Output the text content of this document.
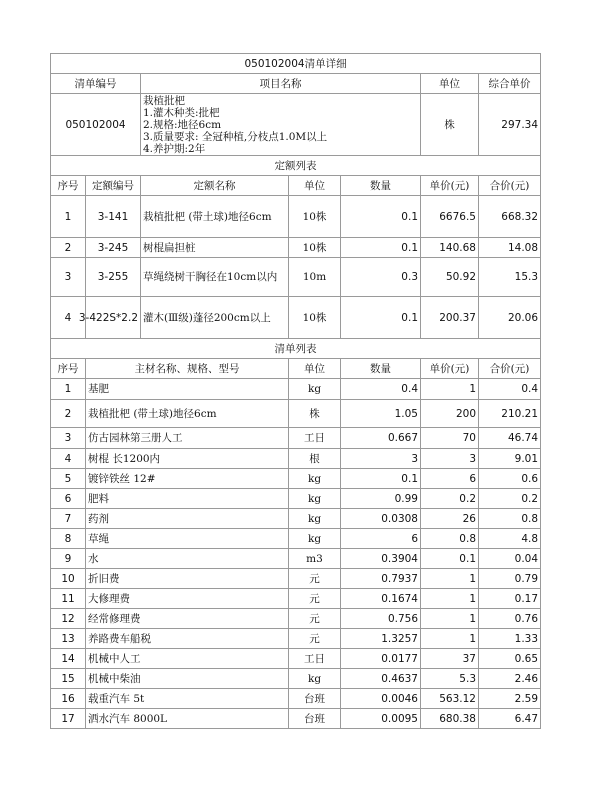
050102004清单详细						
清单编号		项目名称			单位	综合单价
050102004		栽植批杷
1.灌木种类:批杷
2.规格:地径6cm
3.质量要求: 全冠种植,分枝点1.0M以上
4.养护期:2年			株	297.34
定额列表						
序号	定额编号	定额名称	单位	数量	单价(元)	合价(元)
1	3-141	栽植批杷 (带土球)地径6cm	10株	0.1	6676.5	668.32
2	3-245	树棍扁担桩	10株	0.1	140.68	14.08
3	3-255	草绳绕树干胸径在10cm以内	10m	0.3	50.92	15.3
4	3-422S*2.2	灌木(Ⅲ级)蓬径200cm以上	10株	0.1	200.37	20.06
清单列表						
序号	主材名称、规格、型号		单位	数量	单价(元)	合价(元)
1	基肥		kg	0.4	1	0.4
2	栽植批杷 (带土球)地径6cm		株	1.05	200	210.21
3	仿古园林第三册人工		工日	0.667	70	46.74
4	树棍 长1200内		根	3	3	9.01
5	镀锌铁丝 12#		kg	0.1	6	0.6
6	肥料		kg	0.99	0.2	0.2
7	药剂		kg	0.0308	26	0.8
8	草绳		kg	6	0.8	4.8
9	水		m3	0.3904	0.1	0.04
10	折旧费		元	0.7937	1	0.79
11	大修理费		元	0.1674	1	0.17
12	经常修理费		元	0.756	1	0.76
13	养路费车船税		元	1.3257	1	1.33
14	机械中人工		工日	0.0177	37	0.65
15	机械中柴油		kg	0.4637	5.3	2.46
16	载重汽车 5t		台班	0.0046	563.12	2.59
17	洒水汽车 8000L		台班	0.0095	680.38	6.47
